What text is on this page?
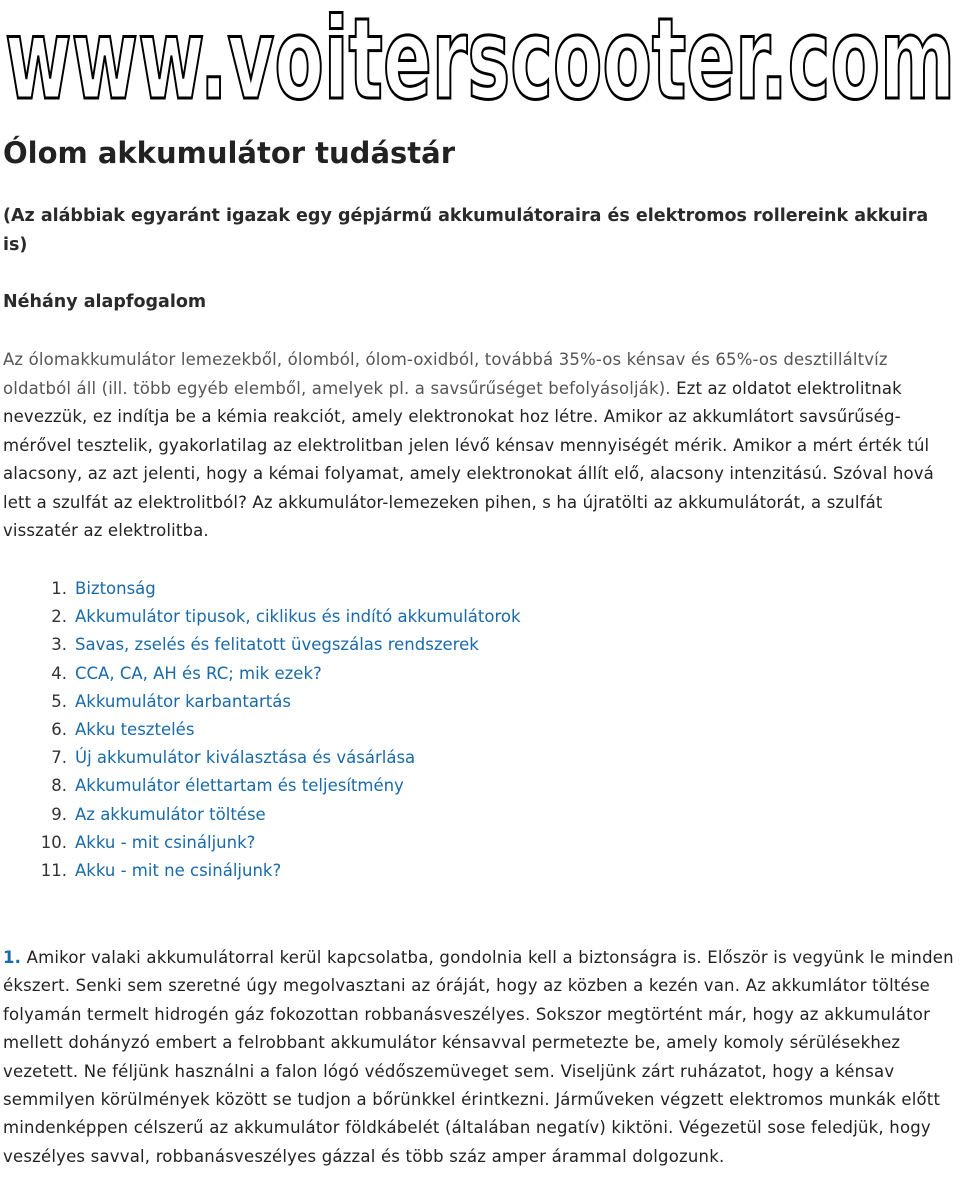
www.voiterscooter.com
Ólom akkumulátor tudástár

(Az alábbiak egyaránt igazak egy gépjármű akkumulátoraira és elektromos rollereink akkuira is)

Néhány alapfogalom

Az ólomakkumulátor lemezekből, ólomból, ólom-oxidból, továbbá 35%-os kénsav és 65%-os desztilláltvíz oldatból áll (ill. több egyéb elemből, amelyek pl. a savsűrűséget befolyásolják). Ezt az oldatot elektrolitnak nevezzük, ez indítja be a kémia reakciót, amely elektronokat hoz létre. Amikor az akkumlátort savsűrűség-mérővel tesztelik, gyakorlatilag az elektrolitban jelen lévő kénsav mennyiségét mérik. Amikor a mért érték túl alacsony, az azt jelenti, hogy a kémai folyamat, amely elektronokat állít elő, alacsony intenzitású. Szóval hová lett a szulfát az elektrolitból? Az akkumulátor-lemezeken pihen, s ha újratölti az akkumulátorát, a szulfát visszatér az elektrolitba.

1. Biztonság
2. Akkumulátor tipusok, ciklikus és indító akkumulátorok
3. Savas, zselés és felitatott üvegszálas rendszerek
4. CCA, CA, AH és RC; mik ezek?
5. Akkumulátor karbantartás
6. Akku tesztelés
7. Új akkumulátor kiválasztása és vásárlása
8. Akkumulátor élettartam és teljesítmény
9. Az akkumulátor töltése
10. Akku - mit csináljunk?
11. Akku - mit ne csináljunk?

1. Amikor valaki akkumulátorral kerül kapcsolatba, gondolnia kell a biztonságra is. Először is vegyünk le minden ékszert. Senki sem szeretné úgy megolvasztani az óráját, hogy az közben a kezén van. Az akkumlátor töltése folyamán termelt hidrogén gáz fokozottan robbanásveszélyes. Sokszor megtörtént már, hogy az akkumulátor mellett dohányzó embert a felrobbant akkumulátor kénsavval permetezte be, amely komoly sérülésekhez vezetett. Ne féljünk használni a falon lógó védőszemüveget sem. Viseljünk zárt ruházatot, hogy a kénsav semmilyen körülmények között se tudjon a bőrünkkel érintkezni. Járműveken végzett elektromos munkák előtt mindenképpen célszerű az akkumulátor földkábelét (általában negatív) kiktöni. Végezetül sose feledjük, hogy veszélyes savval, robbanásveszélyes gázzal és több száz amper árammal dolgozunk.
